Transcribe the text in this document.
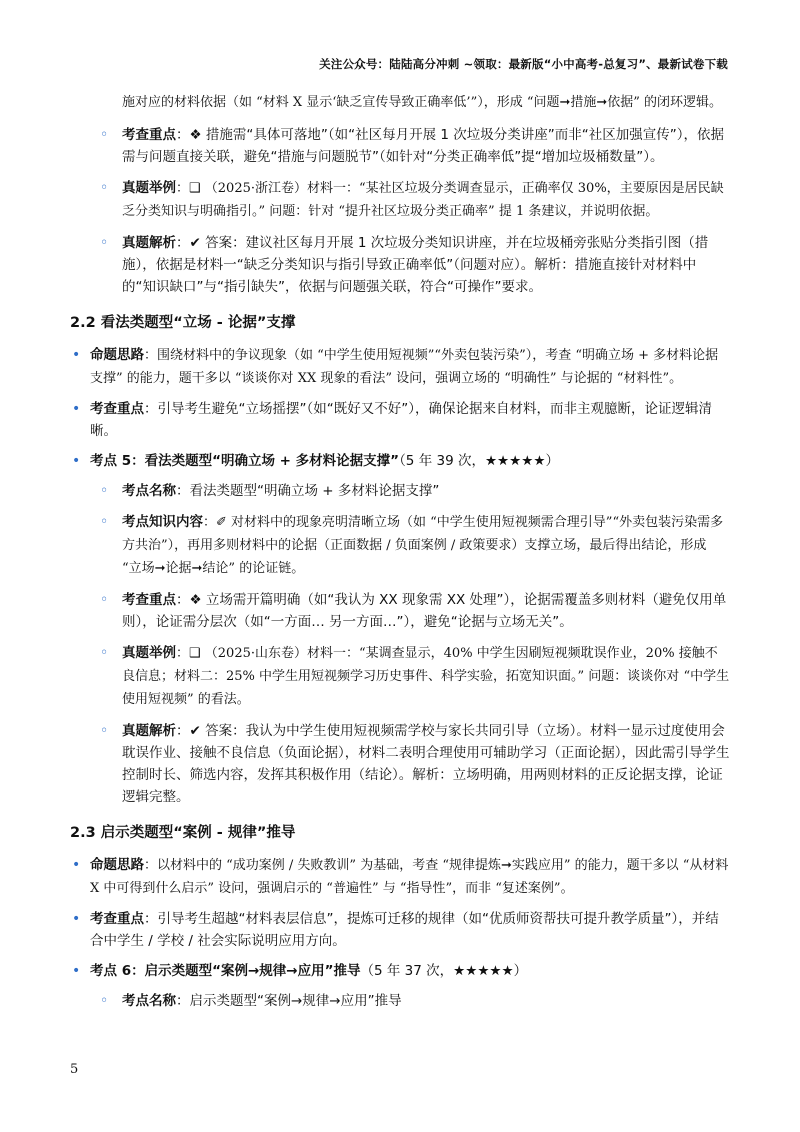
关注公众号：陆陆高分冲刺 ~领取：最新版“小中高考-总复习”、最新试卷下载
施对应的材料依据（如 “材料 X 显示‘缺乏宣传导致正确率低’”），形成 “问题➞措施➞依据” 的闭环逻辑。
◦ 考查重点：❖ 措施需“具体可落地”（如“社区每月开展 1 次垃圾分类讲座”而非“社区加强宣传”），依据需与问题直接关联，避免“措施与问题脱节”（如针对“分类正确率低”提“增加垃圾桶数量”）。
◦ 真题举例：❑ （2025·浙江卷）材料一：“某社区垃圾分类调查显示，正确率仅 30%，主要原因是居民缺乏分类知识与明确指引。” 问题：针对 “提升社区垃圾分类正确率” 提 1 条建议，并说明依据。
◦ 真题解析：✔ 答案：建议社区每月开展 1 次垃圾分类知识讲座，并在垃圾桶旁张贴分类指引图（措施），依据是材料一“缺乏分类知识与指引导致正确率低”（问题对应）。解析：措施直接针对材料中的“知识缺口”与“指引缺失”，依据与问题强关联，符合“可操作”要求。
2.2 看法类题型“立场 - 论据”支撑
• 命题思路：围绕材料中的争议现象（如 “中学生使用短视频”“外卖包装污染”），考查 “明确立场 + 多材料论据支撑” 的能力，题干多以 “谈谈你对 XX 现象的看法” 设问，强调立场的 “明确性” 与论据的 “材料性”。
• 考查重点：引导考生避免“立场摇摆”（如“既好又不好”），确保论据来自材料，而非主观臆断，论证逻辑清晰。
• 考点 5：看法类题型“明确立场 + 多材料论据支撑”（5 年 39 次，★★★★★）
◦ 考点名称：看法类题型“明确立场 + 多材料论据支撑”
◦ 考点知识内容：✐ 对材料中的现象亮明清晰立场（如 “中学生使用短视频需合理引导”“外卖包装污染需多方共治”），再用多则材料中的论据（正面数据 / 负面案例 / 政策要求）支撑立场，最后得出结论，形成 “立场➞论据➞结论” 的论证链。
◦ 考查重点：❖ 立场需开篇明确（如“我认为 XX 现象需 XX 处理”），论据需覆盖多则材料（避免仅用单则），论证需分层次（如“一方面… 另一方面…”），避免“论据与立场无关”。
◦ 真题举例：❑ （2025·山东卷）材料一：“某调查显示，40% 中学生因刷短视频耽误作业，20% 接触不良信息；材料二：25% 中学生用短视频学习历史事件、科学实验，拓宽知识面。” 问题：谈谈你对 “中学生使用短视频” 的看法。
◦ 真题解析：✔ 答案：我认为中学生使用短视频需学校与家长共同引导（立场）。材料一显示过度使用会耽误作业、接触不良信息（负面论据），材料二表明合理使用可辅助学习（正面论据），因此需引导学生控制时长、筛选内容，发挥其积极作用（结论）。解析：立场明确，用两则材料的正反论据支撑，论证逻辑完整。
2.3 启示类题型“案例 - 规律”推导
• 命题思路：以材料中的 “成功案例 / 失败教训” 为基础，考查 “规律提炼➞实践应用” 的能力，题干多以 “从材料 X 中可得到什么启示” 设问，强调启示的 “普遍性” 与 “指导性”，而非 “复述案例”。
• 考查重点：引导考生超越“材料表层信息”，提炼可迁移的规律（如“优质师资帮扶可提升教学质量”），并结合中学生 / 学校 / 社会实际说明应用方向。
• 考点 6：启示类题型“案例→规律→应用”推导（5 年 37 次，★★★★★）
◦ 考点名称：启示类题型“案例→规律→应用”推导
5
